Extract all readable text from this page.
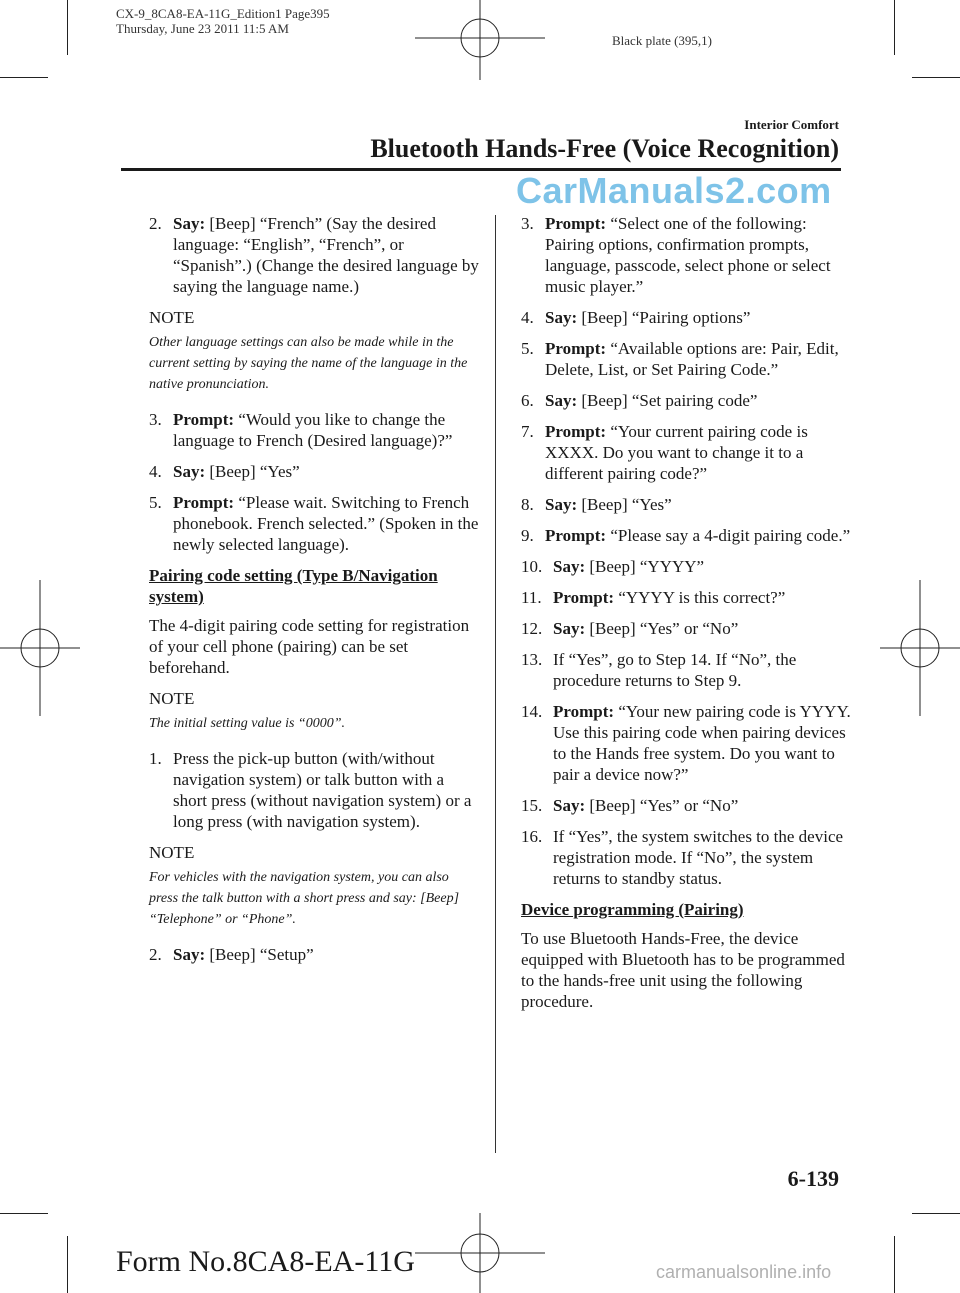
CX-9_8CA8-EA-11G_Edition1 Page395
Thursday, June 23 2011 11:5 AM
Black plate (395,1)
Interior Comfort
Bluetooth Hands-Free (Voice Recognition)
CarManuals2.com
2. Say: [Beep] “French” (Say the desired language: “English”, “French”, or “Spanish”.) (Change the desired language by saying the language name.)
NOTE
Other language settings can also be made while in the current setting by saying the name of the language in the native pronunciation.
3. Prompt: “Would you like to change the language to French (Desired language)?”
4. Say: [Beep] “Yes”
5. Prompt: “Please wait. Switching to French phonebook. French selected.” (Spoken in the newly selected language).
Pairing code setting (Type B/Navigation system)
The 4-digit pairing code setting for registration of your cell phone (pairing) can be set beforehand.
NOTE
The initial setting value is “0000”.
1. Press the pick-up button (with/without navigation system) or talk button with a short press (without navigation system) or a long press (with navigation system).
NOTE
For vehicles with the navigation system, you can also press the talk button with a short press and say: [Beep] “Telephone” or “Phone”.
2. Say: [Beep] “Setup”
3. Prompt: “Select one of the following: Pairing options, confirmation prompts, language, passcode, select phone or select music player.”
4. Say: [Beep] “Pairing options”
5. Prompt: “Available options are: Pair, Edit, Delete, List, or Set Pairing Code.”
6. Say: [Beep] “Set pairing code”
7. Prompt: “Your current pairing code is XXXX. Do you want to change it to a different pairing code?”
8. Say: [Beep] “Yes”
9. Prompt: “Please say a 4-digit pairing code.”
10. Say: [Beep] “YYYY”
11. Prompt: “YYYY is this correct?”
12. Say: [Beep] “Yes” or “No”
13. If “Yes”, go to Step 14. If “No”, the procedure returns to Step 9.
14. Prompt: “Your new pairing code is YYYY. Use this pairing code when pairing devices to the Hands free system. Do you want to pair a device now?”
15. Say: [Beep] “Yes” or “No”
16. If “Yes”, the system switches to the device registration mode. If “No”, the system returns to standby status.
Device programming (Pairing)
To use Bluetooth Hands-Free, the device equipped with Bluetooth has to be programmed to the hands-free unit using the following procedure.
6-139
Form No.8CA8-EA-11G	carmanualsonline.info
